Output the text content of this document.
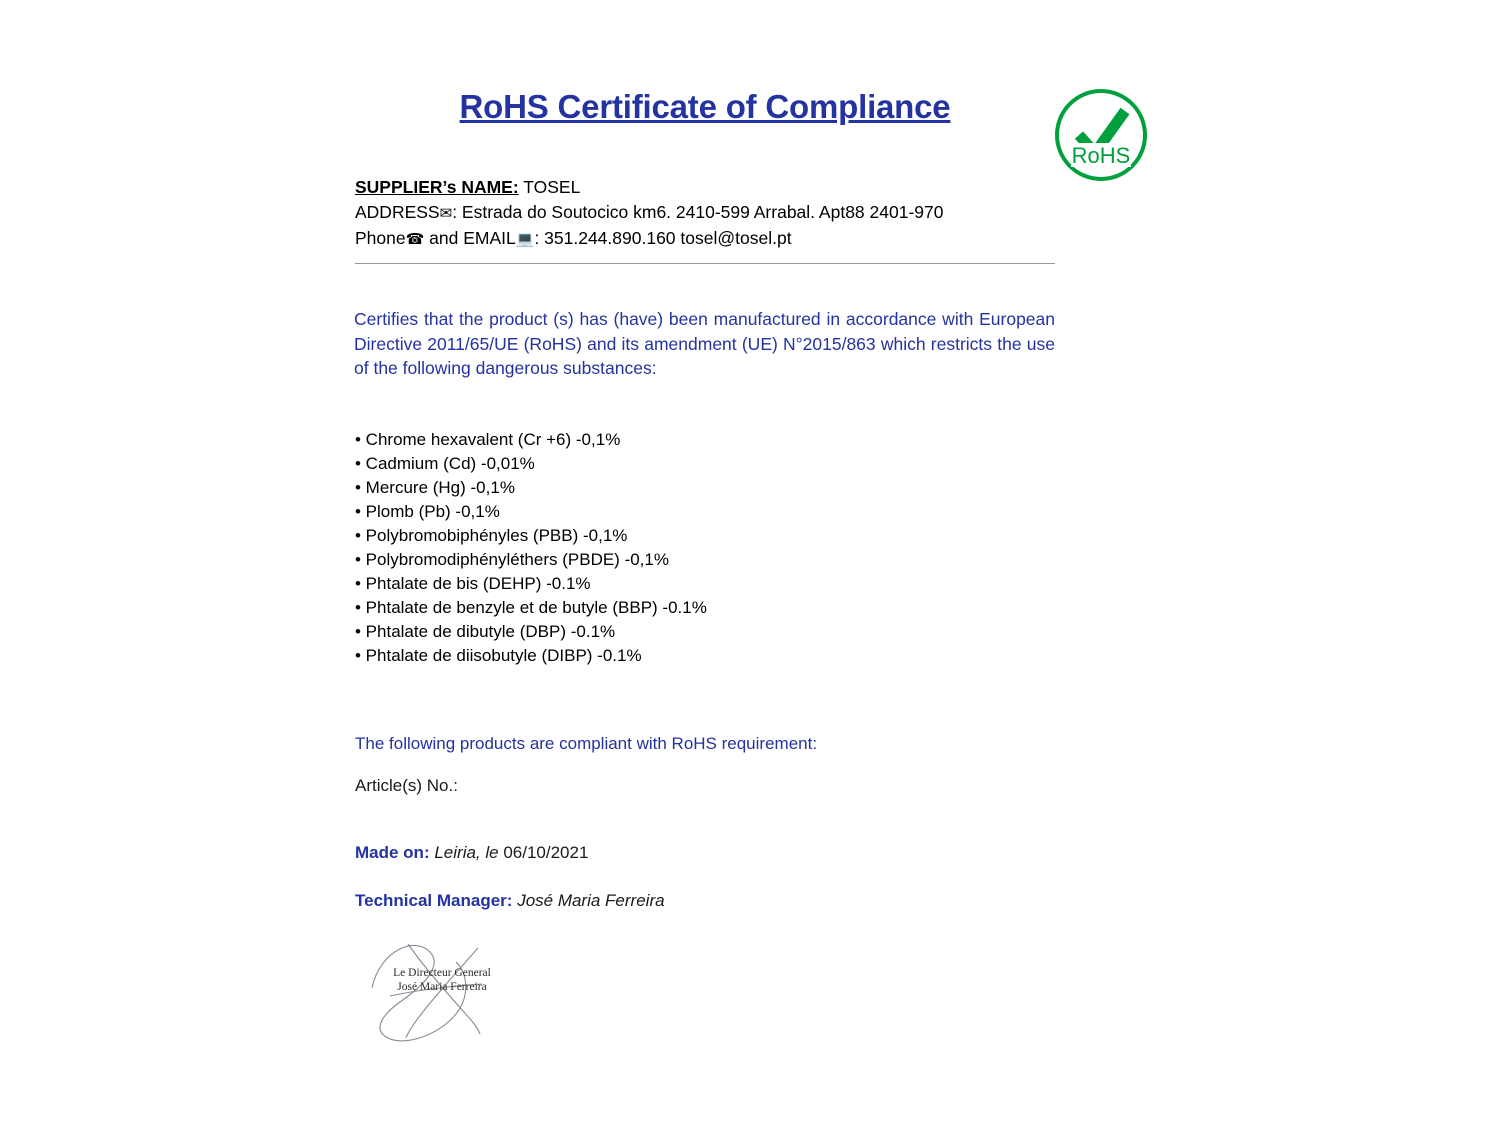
RoHS Certificate of Compliance
RoHS
SUPPLIER’s NAME: TOSEL
ADDRESS✉: Estrada do Soutocico km6. 2410-599 Arrabal. Apt88 2401-970
Phone☎ and EMAIL💻: 351.244.890.160 tosel@tosel.pt
Certifies that the product (s) has (have) been manufactured in accordance with European Directive 2011/65/UE (RoHS) and its amendment (UE) N°2015/863 which restricts the use of the following dangerous substances:
• Chrome hexavalent (Cr +6) -0,1%
• Cadmium (Cd) -0,01%
• Mercure (Hg) -0,1%
• Plomb (Pb) -0,1%
• Polybromobiphényles (PBB) -0,1%
• Polybromodiphényléthers (PBDE) -0,1%
• Phtalate de bis (DEHP) -0.1%
• Phtalate de benzyle et de butyle (BBP) -0.1%
• Phtalate de dibutyle (DBP) -0.1%
• Phtalate de diisobutyle (DIBP) -0.1%
The following products are compliant with RoHS requirement:
Article(s) No.:
Made on: Leiria, le 06/10/2021
Technical Manager: José Maria Ferreira
Le Directeur General
José Maria Ferreira
